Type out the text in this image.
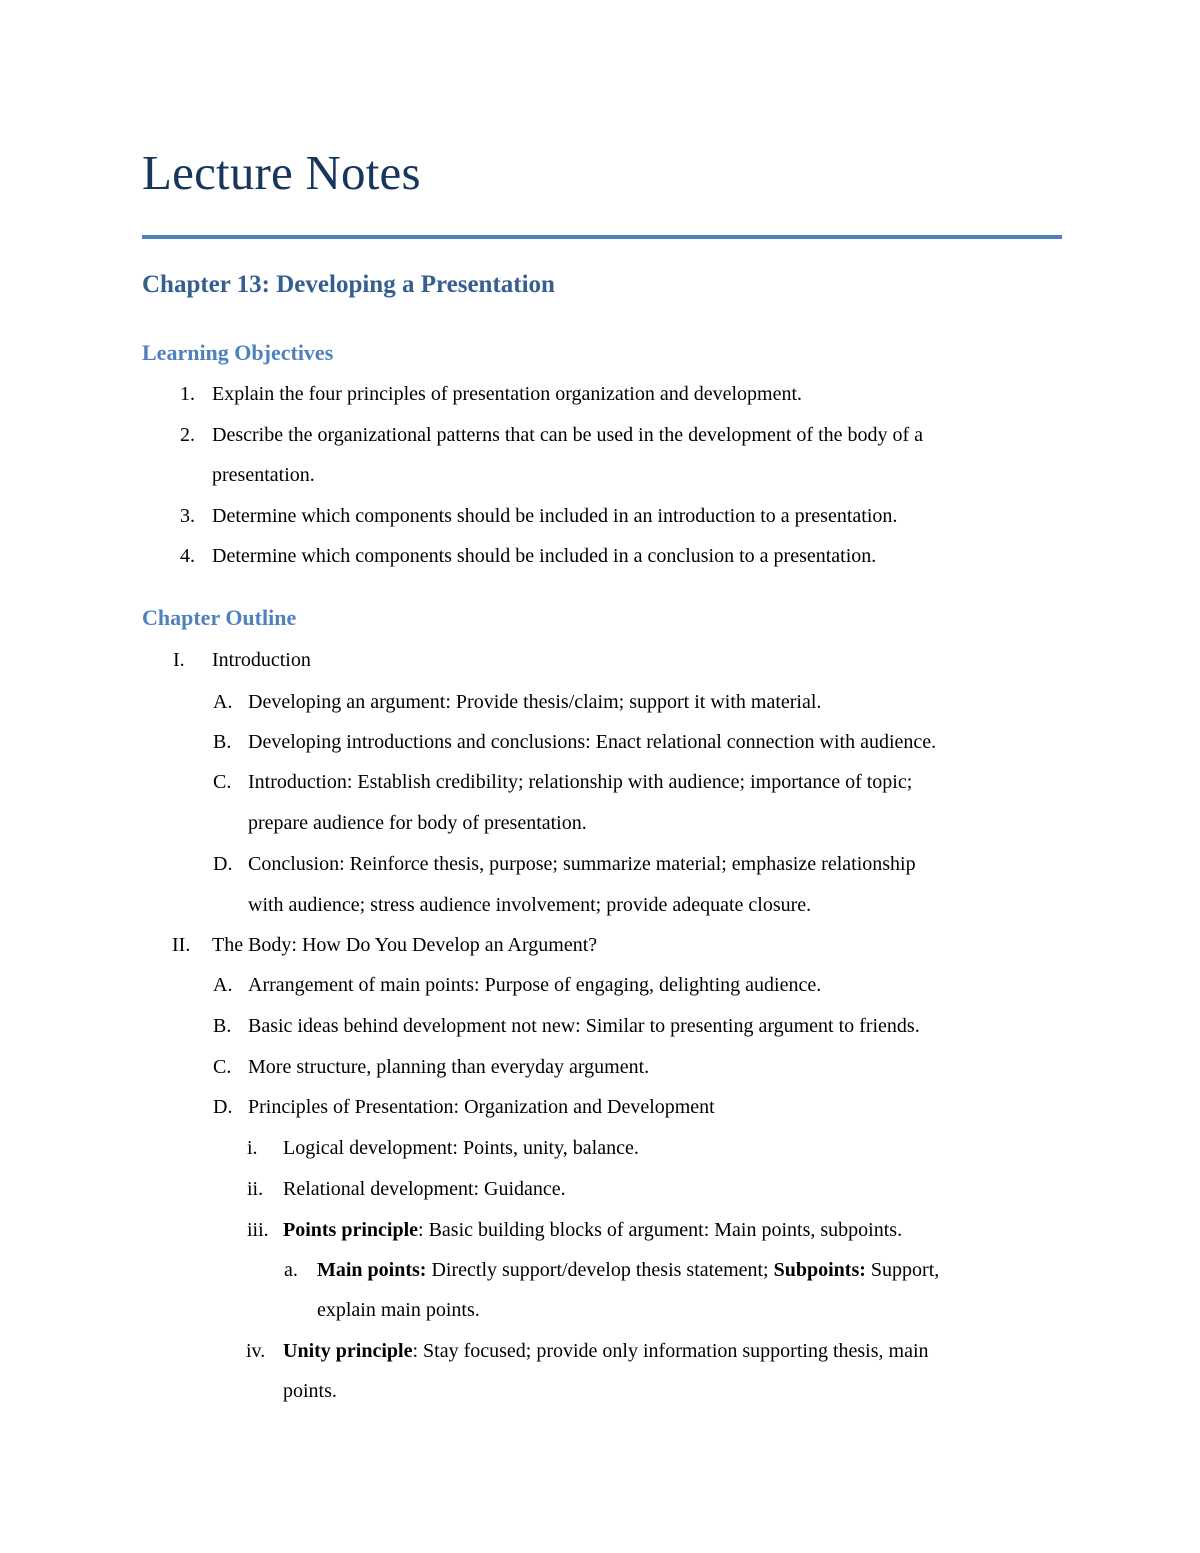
Lecture Notes
Chapter 13: Developing a Presentation
Learning Objectives
1. Explain the four principles of presentation organization and development.
2. Describe the organizational patterns that can be used in the development of the body of a
presentation.
3. Determine which components should be included in an introduction to a presentation.
4. Determine which components should be included in a conclusion to a presentation.
Chapter Outline
I. Introduction
A. Developing an argument: Provide thesis/claim; support it with material.
B. Developing introductions and conclusions: Enact relational connection with audience.
C. Introduction: Establish credibility; relationship with audience; importance of topic;
prepare audience for body of presentation.
D. Conclusion: Reinforce thesis, purpose; summarize material; emphasize relationship
with audience; stress audience involvement; provide adequate closure.
II. The Body: How Do You Develop an Argument?
A. Arrangement of main points: Purpose of engaging, delighting audience.
B. Basic ideas behind development not new: Similar to presenting argument to friends.
C. More structure, planning than everyday argument.
D. Principles of Presentation: Organization and Development
i. Logical development: Points, unity, balance.
ii. Relational development: Guidance.
iii. Points principle: Basic building blocks of argument: Main points, subpoints.
a. Main points: Directly support/develop thesis statement; Subpoints: Support,
explain main points.
iv. Unity principle: Stay focused; provide only information supporting thesis, main
points.
